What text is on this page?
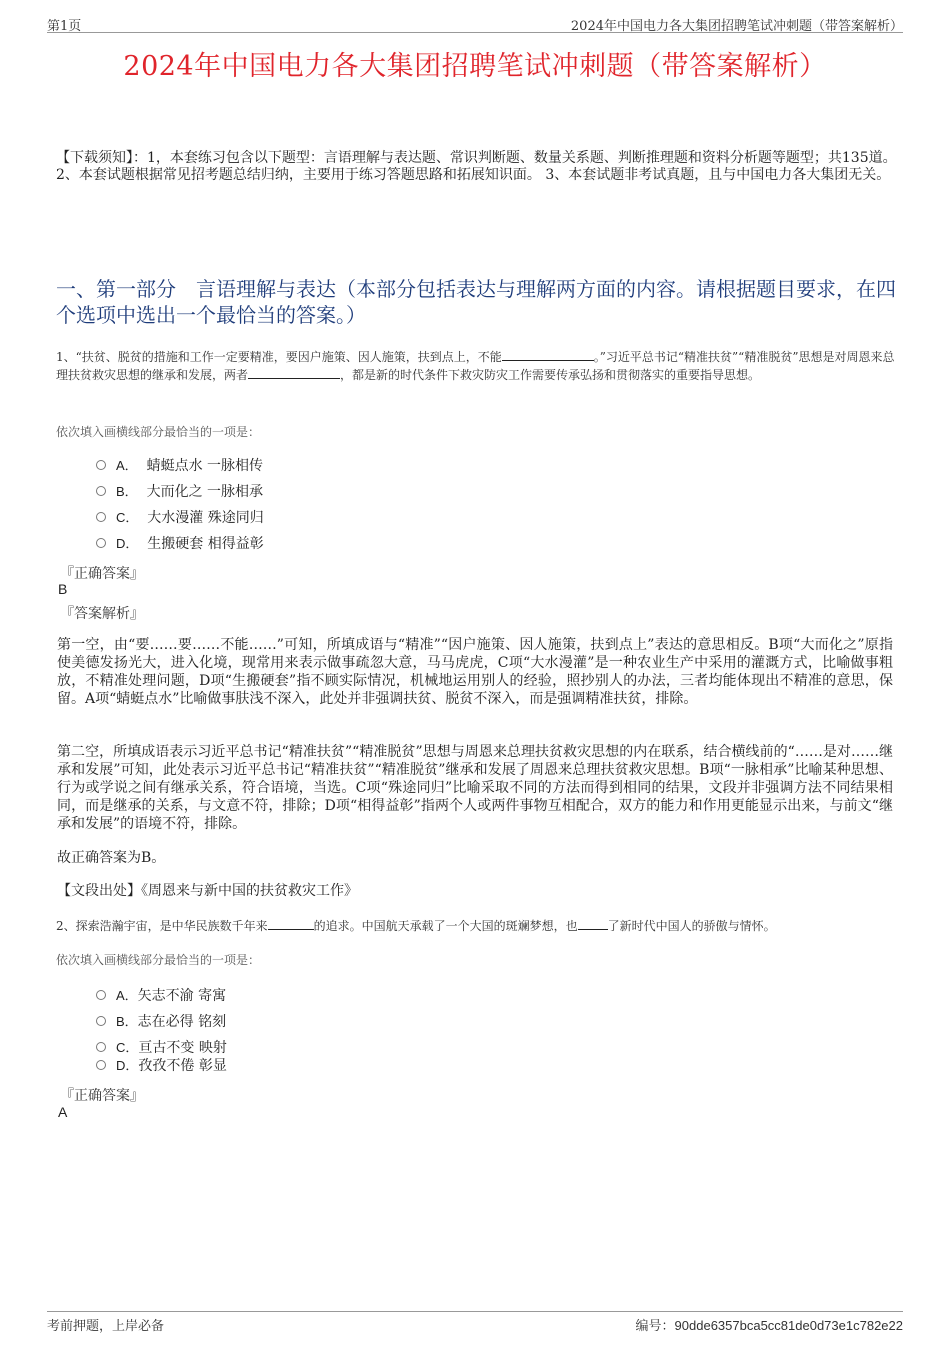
第1页	2024年中国电力各大集团招聘笔试冲刺题（带答案解析）
2024年中国电力各大集团招聘笔试冲刺题（带答案解析）
【下载须知】：1，本套练习包含以下题型：言语理解与表达题、常识判断题、数量关系题、判断推理题和资料分析题等题型；共135道。 2、本套试题根据常见招考题总结归纳，主要用于练习答题思路和拓展知识面。 3、本套试题非考试真题，且与中国电力各大集团无关。
一、第一部分　言语理解与表达（本部分包括表达与理解两方面的内容。请根据题目要求，在四个选项中选出一个最恰当的答案。）
1、“扶贫、脱贫的措施和工作一定要精准，要因户施策、因人施策，扶到点上，不能	。”习近平总书记“精准扶贫”“精准脱贫”思想是对周恩来总理扶贫救灾思想的继承和发展，两者	，都是新的时代条件下救灾防灾工作需要传承弘扬和贯彻落实的重要指导思想。
依次填入画横线部分最恰当的一项是：
A． 蜻蜓点水 一脉相传
B． 大而化之 一脉相承
C． 大水漫灌 殊途同归
D． 生搬硬套 相得益彰
『正确答案』
B
『答案解析』
第一空，由“要……要……不能……”可知，所填成语与“精准”“因户施策、因人施策，扶到点上”表达的意思相反。B项“大而化之”原指使美德发扬光大，进入化境，现常用来表示做事疏忽大意，马马虎虎，C项“大水漫灌”是一种农业生产中采用的灌溉方式，比喻做事粗放，不精准处理问题，D项“生搬硬套”指不顾实际情况，机械地运用别人的经验，照抄别人的办法，三者均能体现出不精准的意思，保留。A项“蜻蜓点水”比喻做事肤浅不深入，此处并非强调扶贫、脱贫不深入，而是强调精准扶贫，排除。
第二空，所填成语表示习近平总书记“精准扶贫”“精准脱贫”思想与周恩来总理扶贫救灾思想的内在联系，结合横线前的“……是对……继承和发展”可知，此处表示习近平总书记“精准扶贫”“精准脱贫”继承和发展了周恩来总理扶贫救灾思想。B项“一脉相承”比喻某种思想、行为或学说之间有继承关系，符合语境，当选。C项“殊途同归”比喻采取不同的方法而得到相同的结果，文段并非强调方法不同结果相同，而是继承的关系，与文意不符，排除；D项“相得益彰”指两个人或两件事物互相配合，双方的能力和作用更能显示出来，与前文“继承和发展”的语境不符，排除。
故正确答案为B。
【文段出处】《周恩来与新中国的扶贫救灾工作》
2、探索浩瀚宇宙，是中华民族数千年来	的追求。中国航天承载了一个大国的斑斓梦想，也	了新时代中国人的骄傲与情怀。
依次填入画横线部分最恰当的一项是：
A．矢志不渝 寄寓
B．志在必得 铭刻
C．亘古不变 映射
D．孜孜不倦 彰显
『正确答案』
A
考前押题，上岸必备	编号：90dde6357bca5cc81de0d73e1c782e22
